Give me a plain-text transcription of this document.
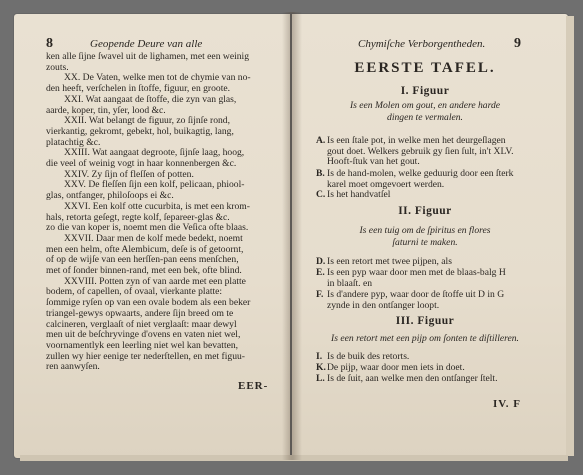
8	Geopende Deure van alle

ken alle ſijne ſwavel uit de lighamen, met een weinig

zouts.

XX. De Vaten, welke men tot de chymie van no-

den heeft, verſchelen in ſtoffe, figuur, en groote.

XXI. Wat aangaat de ſtoffe, die zyn van glas,

aarde, koper, tin, yſer, lood &c.

XXII. Wat belangt de figuur, zo ſijnſe rond,

vierkantig, gekromt, gebekt, hol, buikagtig, lang,

platachtig &c.

XXIII. Wat aangaat degroote, ſijnſe laag, hoog,

die veel of weinig vogt in haar konnenbergen &c.

XXIV. Zy ſijn of fleſſen of potten.

XXV. De fleſſen ſijn een kolf, pelicaan, phiool-

glas, ontfanger, philoſoops ei &c.

XXVI. Een kolf otte cucurbita, is met een krom-

hals, retorta geſegt, regte kolf, ſepareer-glas &c.

zo die van koper is, noemt men die Veſica ofte blaas.

XXVII. Daar men de kolf mede bedekt, noemt

men een helm, ofte Alembicum, deſe is of getoornt,

of op de wijſe van een herſſen-pan eens menſchen,

met of ſonder binnen-rand, met een bek, ofte blind.

XXVIII. Potten zyn of van aarde met een platte

bodem, of capellen, of ovaal, vierkante platte:

ſommige ryſen op van een ovale bodem als een beker

triangel-gewys opwaarts, andere ſijn breed om te

calcineren, verglaaſt of niet verglaaſt: maar dewyl

men uit de beſchryvinge d'ovens en vaten niet wel,

voornamentlyk een leerling niet wel kan bevatten,

zullen wy hier eenige ter nederſtellen, en met figuu-

ren aanwyſen.

EER-
Chymiſche Verborgentheden. 9
EERSTE TAFEL.
I. Figuur
Is een Molen om gout, en andere harde
dingen te vermalen.
A. Is een ſtale pot, in welke men het deurgeſlagen
gout doet. Welkers gebruik gy ſien ſult, in't XLV.
Hooft-ſtuk van het gout.
B. Is de hand-molen, welke geduurig door een ſterk
karel moet omgevoert werden.
C. Is het handvatſel
II. Figuur
Is een tuig om de ſpiritus en flores
ſaturni te maken.
D. Is een retort met twee pijpen, als
E. Is een pyp waar door men met de blaas-balg H
in blaaſt. en
F. Is d'andere pyp, waar door de ſtoffe uit D in G
zynde in den ontſanger loopt.
III. Figuur
Is een retort met een pijp om ſonten te diſtilleren.
I. Is de buik des retorts.
K.De pijp, waar door men iets in doet.
L. Is de ſuit, aan welke men den ontſanger ſtelt.
IV. F
